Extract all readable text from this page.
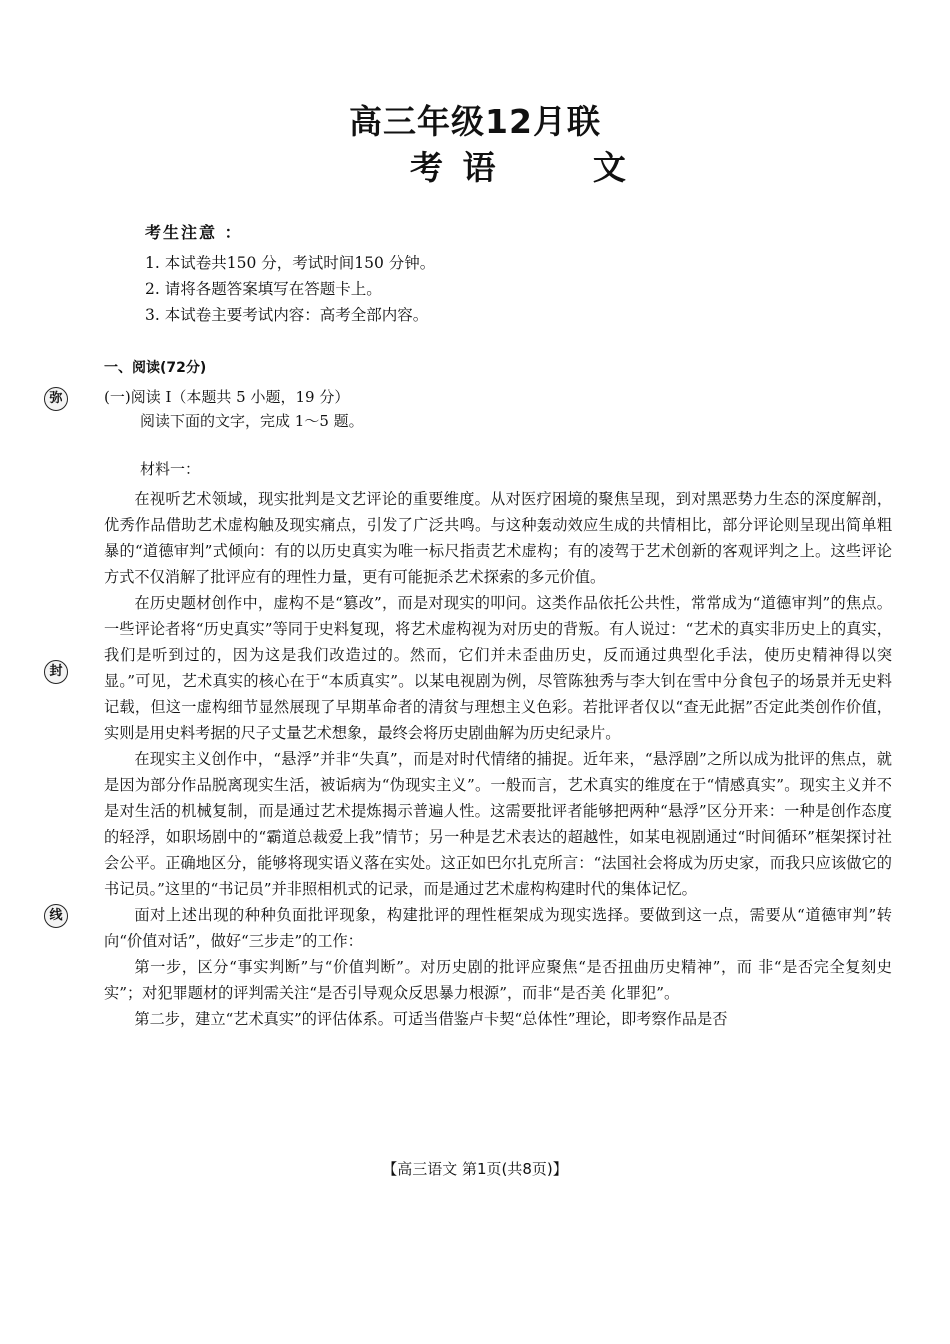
高三年级12月联
考 语     文
考生注意 ：
1. 本试卷共150 分，考试时间150 分钟。
2. 请将各题答案填写在答题卡上。
3. 本试卷主要考试内容：高考全部内容。
一、阅读(72分)
(一)阅读 I（本题共 5 小题，19 分）
阅读下面的文字，完成 1～5 题。
材料一：

在视听艺术领域，现实批判是文艺评论的重要维度。从对医疗困境的聚焦呈现，到对黑恶势力生态的深度解剖，优秀作品借助艺术虚构触及现实痛点，引发了广泛共鸣。与这种轰动效应生成的共情相比，部分评论则呈现出简单粗暴的“道德审判”式倾向：有的以历史真实为唯一标尺指责艺术虚构；有的凌驾于艺术创新的客观评判之上。这些评论方式不仅消解了批评应有的理性力量，更有可能扼杀艺术探索的多元价值。

在历史题材创作中，虚构不是“篡改”，而是对现实的叩问。这类作品依托公共性，常常成为“道德审判”的焦点。 一些评论者将“历史真实”等同于史料复现，将艺术虚构视为对历史的背叛。有人说过：“艺术的真实非历史上的真实，我们是听到过的，因为这是我们改造过的。然而，它们并未歪曲历史，反而通过典型化手法，使历史精神得以突显。”可见，艺术真实的核心在于“本质真实”。以某电视剧为例，尽管陈独秀与李大钊在雪中分食包子的场景并无史料记载，但这一虚构细节显然展现了早期革命者的清贫与理想主义色彩。若批评者仅以“查无此据”否定此类创作价值，实则是用史料考据的尺子丈量艺术想象，最终会将历史剧曲解为历史纪录片。

在现实主义创作中，“悬浮”并非“失真”，而是对时代情绪的捕捉。近年来，“悬浮剧”之所以成为批评的焦点，就是因为部分作品脱离现实生活，被诟病为“伪现实主义”。一般而言，艺术真实的维度在于“情感真实”。现实主义并不是对生活的机械复制，而是通过艺术提炼揭示普遍人性。这需要批评者能够把两种“悬浮”区分开来：一种是创作态度的轻浮，如职场剧中的“霸道总裁爱上我”情节；另一种是艺术表达的超越性，如某电视剧通过“时间循环”框架探讨社会公平。正确地区分，能够将现实语义落在实处。这正如巴尔扎克所言：“法国社会将成为历史家，而我只应该做它的书记员。”这里的“书记员”并非照相机式的记录，而是通过艺术虚构构建时代的集体记忆。

面对上述出现的种种负面批评现象，构建批评的理性框架成为现实选择。要做到这一点，需要从“道德审判”转向“价值对话”，做好“三步走”的工作：

第一步，区分“事实判断”与“价值判断”。对历史剧的批评应聚焦“是否扭曲历史精神”，而 非“是否完全复刻史实”；对犯罪题材的评判需关注“是否引导观众反思暴力根源”，而非“是否美 化罪犯”。

第二步，建立“艺术真实”的评估体系。可适当借鉴卢卡契“总体性”理论，即考察作品是否

弥
封
线
【高三语文 第1页(共8页)】
